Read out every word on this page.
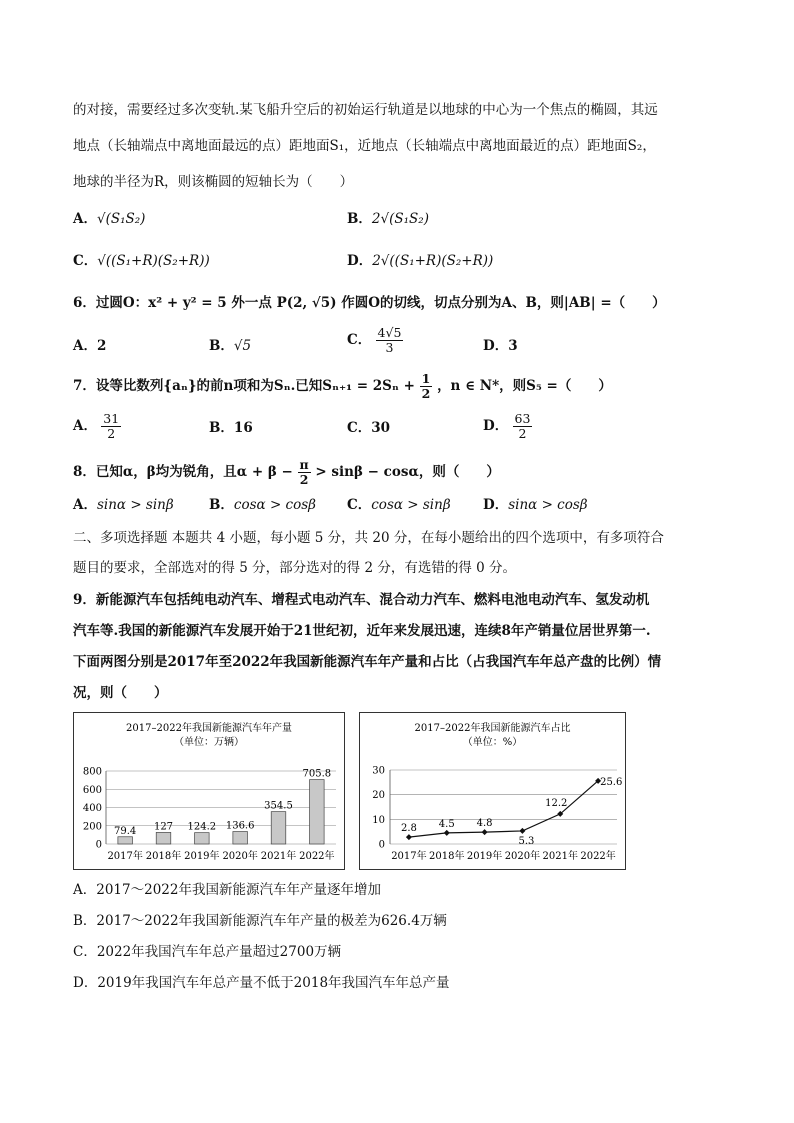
的对接，需要经过多次变轨.某飞船升空后的初始运行轨道是以地球的中心为一个焦点的椭圆，其远
地点（长轴端点中离地面最远的点）距地面S₁，近地点（长轴端点中离地面最近的点）距地面S₂，
地球的半径为R，则该椭圆的短轴长为（　　）
A．√(S₁S₂)	B．2√(S₁S₂)
C．√((S₁+R)(S₂+R))	D．2√((S₁+R)(S₂+R))
6．过圆O：x² + y² = 5 外一点 P(2, √5) 作圆O的切线，切点分别为A、B，则|AB| =（　　）
A．2	B．√5	C． $\frac{4√5}{3}$	D．3
7．设等比数列{aₙ}的前n项和为Sₙ.已知$S_{n+1} = 2S_n + \frac{1}{2}$ ，n ∈ N*，则S₅ =（　　）
A． $\frac{31}{2}$	B．16	C．30	D． $\frac{63}{2}$
8．已知α，β均为锐角，且$\alpha + \beta - \frac{\pi}{2} > \sin\beta - \cos\alpha$，则（　　）
A．sinα > sinβ	B．cosα > cosβ C．cosα > sinβ D．sinα > cosβ
二、多项选择题 本题共 4 小题，每小题 5 分，共 20 分，在每小题给出的四个选项中，有多项符合
题目的要求，全部选对的得 5 分，部分选对的得 2 分，有选错的得 0 分。
9．新能源汽车包括纯电动汽车、增程式电动汽车、混合动力汽车、燃料电池电动汽车、氢发动机
汽车等.我国的新能源汽车发展开始于21世纪初，近年来发展迅速，连续8年产销量位居世界第一.
下面两图分别是2017年至2022年我国新能源汽车年产量和占比（占我国汽车年总产盘的比例）情
况，则（　　）
2017–2022年我国新能源汽车年产量
（单位：万辆）
0
200
400
600
800
79.4
2017年
127
2018年
124.2
2019年
136.6
2020年
354.5
2021年
705.8
2022年
2017–2022年我国新能源汽车占比
（单位：%）
0
10
20
30
2.8
2017年
4.5
2018年
4.8
2019年
5.3
2020年
12.2
2021年
25.6
2022年
A．2017～2022年我国新能源汽车年产量逐年增加
B．2017～2022年我国新能源汽车年产量的极差为626.4万辆
C．2022年我国汽车年总产量超过2700万辆
D．2019年我国汽车年总产量不低于2018年我国汽车年总产量
